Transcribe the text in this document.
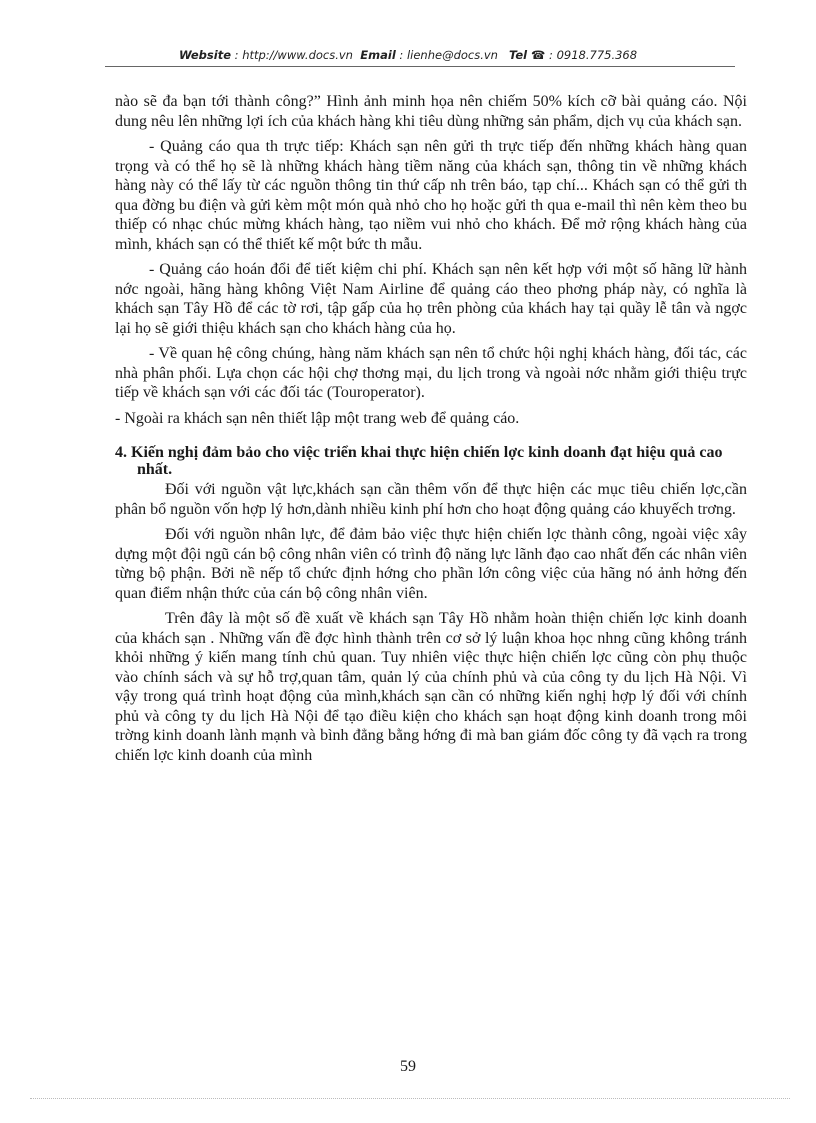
Website : http://www.docs.vn Email : lienhe@docs.vn Tel ☎ : 0918.775.368

nào sẽ đa bạn tới thành công?” Hình ảnh minh họa nên chiếm 50% kích cỡ bài quảng cáo. Nội dung nêu lên những lợi ích của khách hàng khi tiêu dùng những sản phẩm, dịch vụ của khách sạn.

- Quảng cáo qua th trực tiếp: Khách sạn nên gửi th trực tiếp đến những khách hàng quan trọng và có thể họ sẽ là những khách hàng tiềm năng của khách sạn, thông tin về những khách hàng này có thể lấy từ các nguồn thông tin thứ cấp nh trên báo, tạp chí... Khách sạn có thể gửi th qua đờng bu điện và gửi kèm một món quà nhỏ cho họ hoặc gửi th qua e-mail thì nên kèm theo bu thiếp có nhạc chúc mừng khách hàng, tạo niềm vui nhỏ cho khách. Để mở rộng khách hàng của mình, khách sạn có thể thiết kế một bức th mẫu.

- Quảng cáo hoán đổi để tiết kiệm chi phí. Khách sạn nên kết hợp với một số hãng lữ hành nớc ngoài, hãng hàng không Việt Nam Airline để quảng cáo theo phơng pháp này, có nghĩa là khách sạn Tây Hồ để các tờ rơi, tập gấp của họ trên phòng của khách hay tại quầy lễ tân và ngợc lại họ sẽ giới thiệu khách sạn cho khách hàng của họ.

- Về quan hệ công chúng, hàng năm khách sạn nên tổ chức hội nghị khách hàng, đối tác, các nhà phân phối. Lựa chọn các hội chợ thơng mại, du lịch trong và ngoài nớc nhằm giới thiệu trực tiếp về khách sạn với các đối tác (Touroperator).

- Ngoài ra khách sạn nên thiết lập một trang web để quảng cáo.

4. Kiến nghị đảm bảo cho việc triển khai thực hiện chiến lợc kinh doanh đạt hiệu quả cao nhất.

Đối với nguồn vật lực,khách sạn cần thêm vốn để thực hiện các mục tiêu chiến lợc,cần phân bổ nguồn vốn hợp lý hơn,dành nhiều kinh phí hơn cho hoạt động quảng cáo khuyếch trơng.

Đối với nguồn nhân lực, để đảm bảo việc thực hiện chiến lợc thành công, ngoài việc xây dựng một đội ngũ cán bộ công nhân viên có trình độ năng lực lãnh đạo cao nhất đến các nhân viên từng bộ phận. Bởi nề nếp tổ chức định hớng cho phần lớn công việc của hãng nó ảnh hởng đến quan điểm nhận thức của cán bộ công nhân viên.

Trên đây là một số đề xuất về khách sạn Tây Hồ nhằm hoàn thiện chiến lợc kinh doanh của khách sạn . Những vấn đề đợc hình thành trên cơ sở lý luận khoa học nhng cũng không tránh khỏi những ý kiến mang tính chủ quan. Tuy nhiên việc thực hiện chiến lợc cũng còn phụ thuộc vào chính sách và sự hỗ trợ,quan tâm, quản lý của chính phủ và của công ty du lịch Hà Nội. Vì vậy trong quá trình hoạt động của mình,khách sạn cần có những kiến nghị hợp lý đối với chính phủ và công ty du lịch Hà Nội để tạo điều kiện cho khách sạn hoạt động kinh doanh trong môi trờng kinh doanh lành mạnh và bình đẳng bằng hớng đi mà ban giám đốc công ty đã vạch ra trong chiến lợc kinh doanh của mình

59
